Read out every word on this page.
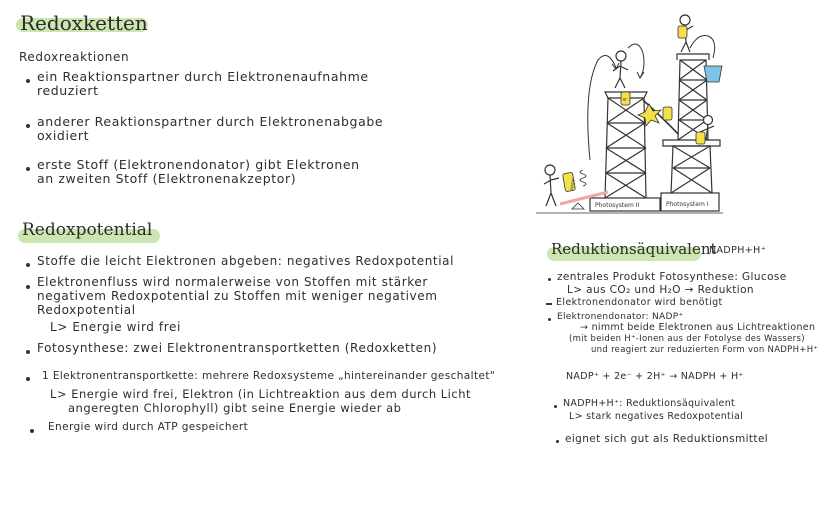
Redoxketten
Redoxreaktionen
ein Reaktionspartner durch Elektronenaufnahme
reduziert
anderer Reaktionspartner durch Elektronenabgabe
oxidiert
erste Stoff (Elektronendonator) gibt Elektronen
an zweiten Stoff (Elektronenakzeptor)
Redoxpotential
Stoffe die leicht Elektronen abgeben: negatives Redoxpotential
Elektronenfluss wird normalerweise von Stoffen mit stärker
negativem Redoxpotential zu Stoffen mit weniger negativem
Redoxpotential
L> Energie wird frei
Fotosynthese: zwei Elektronentransportketten (Redoxketten)
1 Elektronentransportkette: mehrere Redoxsysteme „hintereinander geschaltet"
L> Energie wird frei, Elektron (in Lichtreaktion aus dem durch Licht
angeregten Chlorophyll) gibt seine Energie wieder ab
Energie wird durch ATP gespeichert
Reduktionsäquivalent
NADPH+H⁺
zentrales Produkt Fotosynthese: Glucose
L> aus CO₂ und H₂O → Reduktion
Elektronendonator wird benötigt
Elektronendonator: NADP⁺
→ nimmt beide Elektronen aus Lichtreaktionen
(mit beiden H⁺-Ionen aus der Fotolyse des Wassers)
und reagiert zur reduzierten Form von NADPH+H⁺
NADP⁺ + 2e⁻ + 2H⁺ → NADPH + H⁺
NADPH+H⁺: Reduktionsäquivalent
L> stark negatives Redoxpotential
eignet sich gut als Reduktionsmittel
Photosystem II	Photosystem I
NADP
e⁻
